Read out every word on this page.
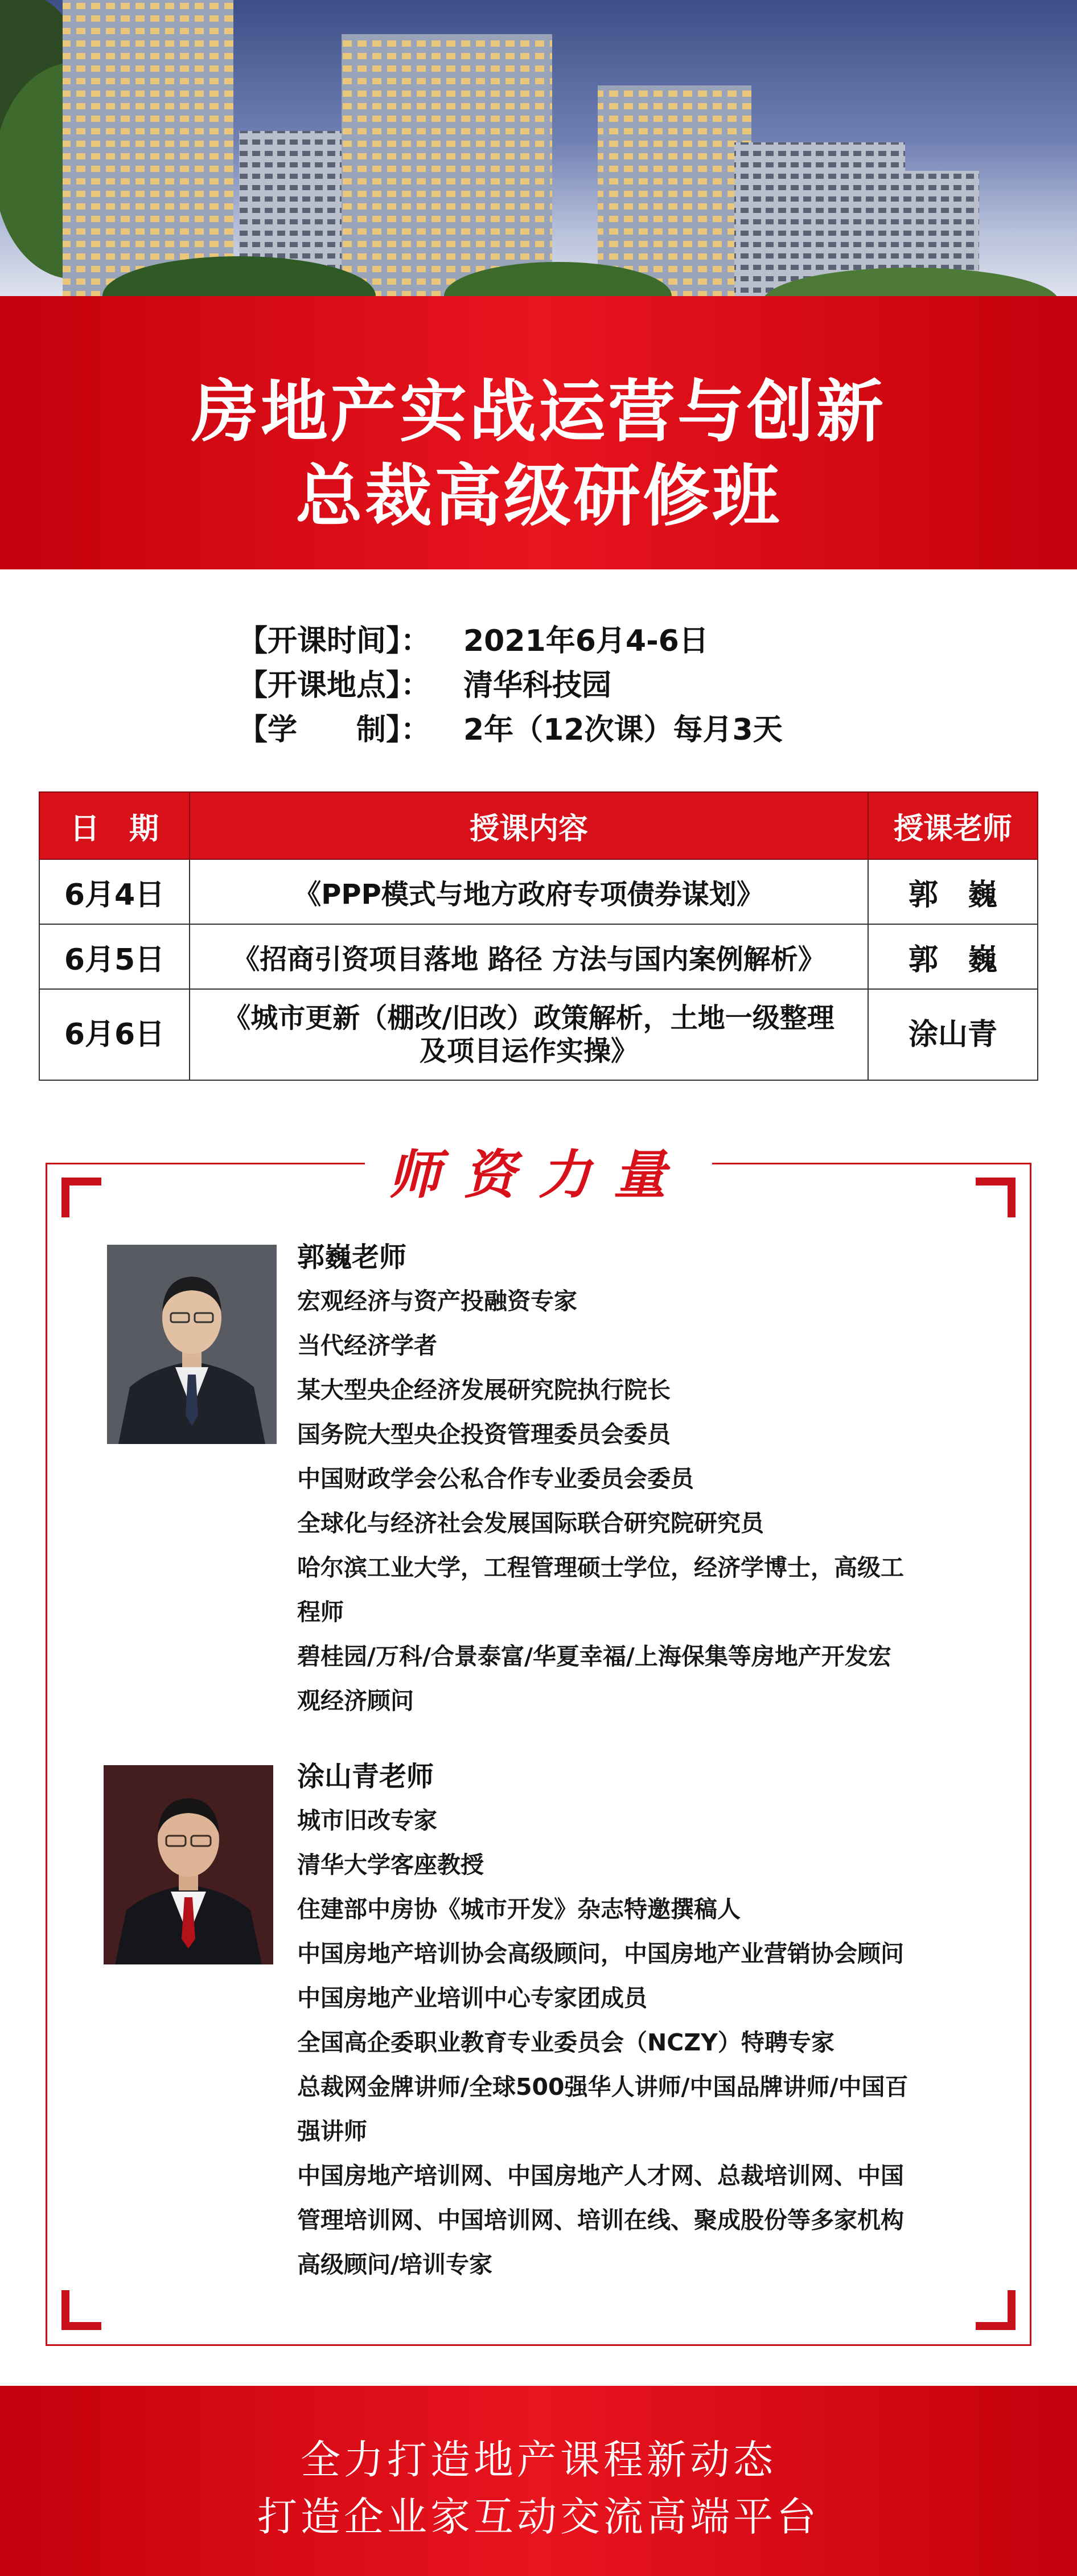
房地产实战运营与创新
总裁高级研修班
【开课时间】：	2021年6月4-6日
【开课地点】：	清华科技园
【学　　制】：	2年（12次课）每月3天
日　期	授课内容	授课老师
6月4日	《PPP模式与地方政府专项债券谋划》	郭　巍
6月5日	《招商引资项目落地 路径 方法与国内案例解析》	郭　巍
6月6日	《城市更新（棚改/旧改）政策解析，土地一级整理
及项目运作实操》	涂山青
师资力量
郭巍老师
宏观经济与资产投融资专家
当代经济学者
某大型央企经济发展研究院执行院长
国务院大型央企投资管理委员会委员
中国财政学会公私合作专业委员会委员
全球化与经济社会发展国际联合研究院研究员
哈尔滨工业大学，工程管理硕士学位，经济学博士，高级工
程师
碧桂园/万科/合景泰富/华夏幸福/上海保集等房地产开发宏
观经济顾问
涂山青老师
城市旧改专家
清华大学客座教授
住建部中房协《城市开发》杂志特邀撰稿人
中国房地产培训协会高级顾问，中国房地产业营销协会顾问
中国房地产业培训中心专家团成员
全国高企委职业教育专业委员会（NCZY）特聘专家
总裁网金牌讲师/全球500强华人讲师/中国品牌讲师/中国百
强讲师
中国房地产培训网、中国房地产人才网、总裁培训网、中国
管理培训网、中国培训网、培训在线、聚成股份等多家机构
高级顾问/培训专家
全力打造地产课程新动态
打造企业家互动交流高端平台
